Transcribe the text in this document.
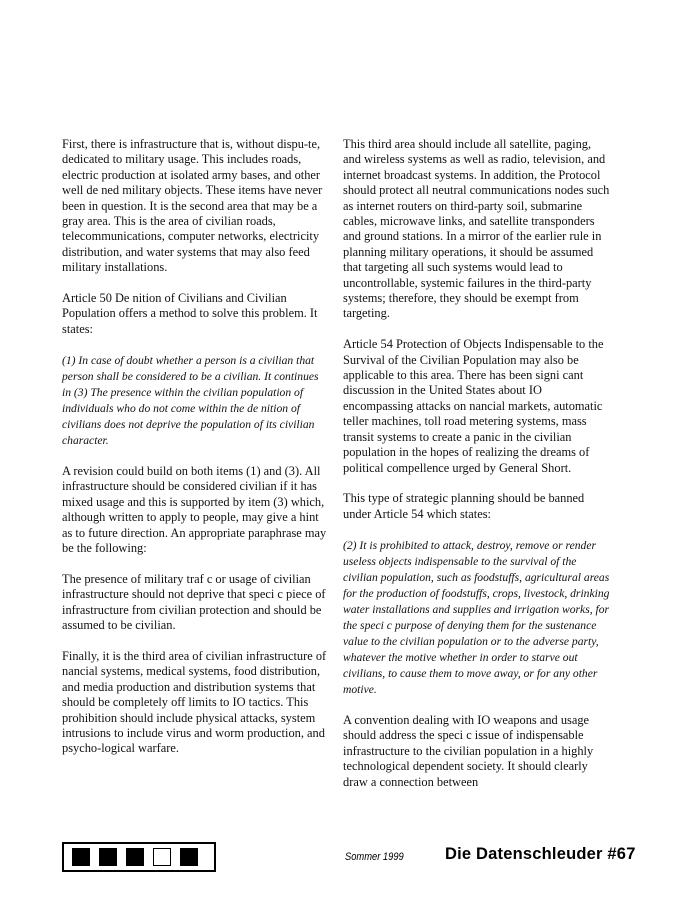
First, there is infrastructure that is, without dispu-te, dedicated to military usage. This includes roads, electric production at isolated army bases, and other well de ned military objects. These items have never been in question. It is the second area that may be a gray area. This is the area of civilian roads, telecommunications, computer networks, electricity distribution, and water systems that may also feed military installations.

Article 50 De nition of Civilians and Civilian Population offers a method to solve this problem. It states:

(1) In case of doubt whether a person is a civilian that person shall be considered to be a civilian. It continues in (3) The presence within the civilian population of individuals who do not come within the de nition of civilians does not deprive the population of its civilian character.

A revision could build on both items (1) and (3). All infrastructure should be considered civilian if it has mixed usage and this is supported by item (3) which, although written to apply to people, may give a hint as to future direction. An appropriate paraphrase may be the following:

The presence of military traf c or usage of civilian infrastructure should not deprive that speci c piece of infrastructure from civilian protection and should be assumed to be civilian.

Finally, it is the third area of civilian infrastructure of nancial systems, medical systems, food distribution, and media production and distribution systems that should be completely off limits to IO tactics. This prohibition should include physical attacks, system intrusions to include virus and worm production, and psycho-logical warfare.

This third area should include all satellite, paging, and wireless systems as well as radio, television, and internet broadcast systems. In addition, the Protocol should protect all neutral communications nodes such as internet routers on third-party soil, submarine cables, microwave links, and satellite transponders and ground stations. In a mirror of the earlier rule in planning military operations, it should be assumed that targeting all such systems would lead to uncontrollable, systemic failures in the third-party systems; therefore, they should be exempt from targeting.

Article 54 Protection of Objects Indispensable to the Survival of the Civilian Population may also be applicable to this area. There has been signi cant discussion in the United States about IO encompassing attacks on nancial markets, automatic teller machines, toll road metering systems, mass transit systems to create a panic in the civilian population in the hopes of realizing the dreams of political compellence urged by General Short.

This type of strategic planning should be banned under Article 54 which states:

(2) It is prohibited to attack, destroy, remove or render useless objects indispensable to the survival of the civilian population, such as foodstuffs, agricultural areas for the production of foodstuffs, crops, livestock, drinking water installations and supplies and irrigation works, for the speci c purpose of denying them for the sustenance value to the civilian population or to the adverse party, whatever the motive whether in order to starve out civilians, to cause them to move away, or for any other motive.

A convention dealing with IO weapons and usage should address the speci c issue of indispensable infrastructure to the civilian population in a highly technological dependent society. It should clearly draw a connection between

Sommer 1999	Die Datenschleuder #67
